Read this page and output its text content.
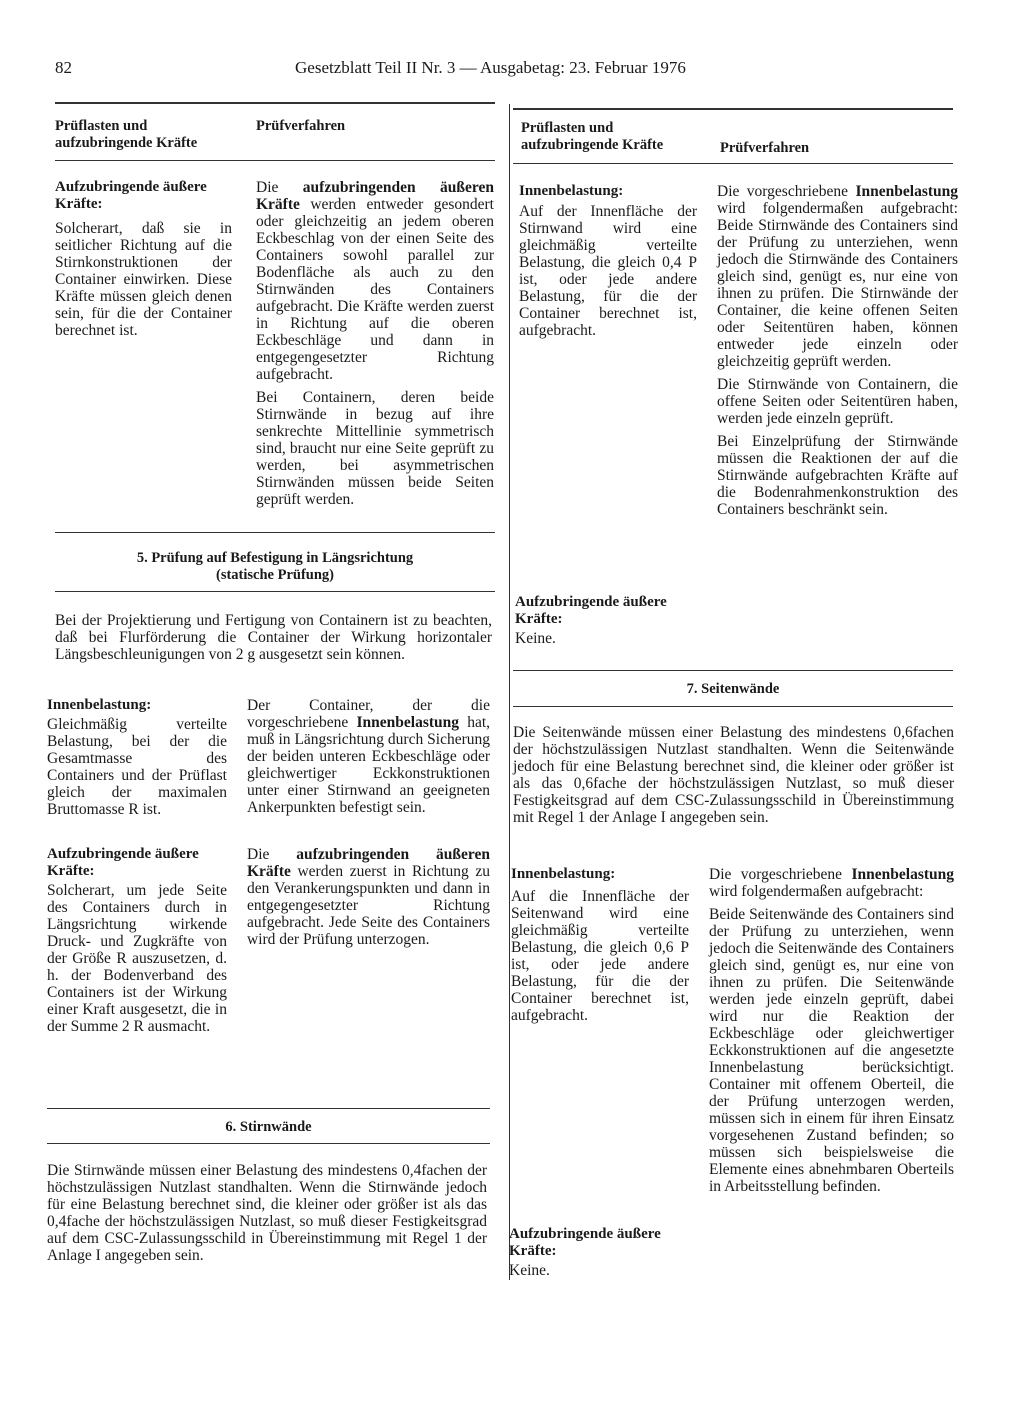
82	Gesetzblatt Teil II Nr. 3 — Ausgabetag: 23. Februar 1976
Prüflasten und aufzubringende Kräfte
Prüfverfahren
Aufzubringende äußere Kräfte:
Solcherart, daß sie in seitlicher Richtung auf die Stirnkonstruktionen der Container einwirken. Diese Kräfte müssen gleich denen sein, für die der Container berechnet ist.

Die aufzubringenden äußeren Kräfte werden entweder gesondert oder gleichzeitig an jedem oberen Eckbeschlag von der einen Seite des Containers sowohl parallel zur Bodenfläche als auch zu den Stirnwänden des Containers aufgebracht. Die Kräfte werden zuerst in Richtung auf die oberen Eckbeschläge und dann in entgegengesetzter Richtung aufgebracht.

Bei Containern, deren beide Stirnwände in bezug auf ihre senkrechte Mittellinie symmetrisch sind, braucht nur eine Seite geprüft zu werden, bei asymmetrischen Stirnwänden müssen beide Seiten geprüft werden.

5. Prüfung auf Befestigung in Längsrichtung
(statische Prüfung)
Bei der Projektierung und Fertigung von Containern ist zu beachten, daß bei Flurförderung die Container der Wirkung horizontaler Längsbeschleunigungen von 2 g ausgesetzt sein können.
Innenbelastung:
Gleichmäßig verteilte Belastung, bei der die Gesamtmasse des Containers und der Prüflast gleich der maximalen Bruttomasse R ist.
Der Container, der die vorgeschriebene Innenbelastung hat, muß in Längsrichtung durch Sicherung der beiden unteren Eckbeschläge oder gleichwertiger Eckkonstruktionen unter einer Stirnwand an geeigneten Ankerpunkten befestigt sein.
Aufzubringende äußere Kräfte:
Solcherart, um jede Seite des Containers durch in Längsrichtung wirkende Druck- und Zugkräfte von der Größe R auszusetzen, d. h. der Bodenverband des Containers ist der Wirkung einer Kraft ausgesetzt, die in der Summe 2 R ausmacht.
Die aufzubringenden äußeren Kräfte werden zuerst in Richtung zu den Verankerungspunkten und dann in entgegengesetzter Richtung aufgebracht. Jede Seite des Containers wird der Prüfung unterzogen.
6. Stirnwände
Die Stirnwände müssen einer Belastung des mindestens 0,4fachen der höchstzulässigen Nutzlast standhalten. Wenn die Stirnwände jedoch für eine Belastung berechnet sind, die kleiner oder größer ist als das 0,4fache der höchstzulässigen Nutzlast, so muß dieser Festigkeitsgrad auf dem CSC-Zulassungsschild in Übereinstimmung mit Regel 1 der Anlage I angegeben sein.
Prüflasten und aufzubringende Kräfte	Prüfverfahren
Innenbelastung:
Auf der Innenfläche der Stirnwand wird eine gleichmäßig verteilte Belastung, die gleich 0,4 P ist, oder jede andere Belastung, für die der Container berechnet ist, aufgebracht.

Die vorgeschriebene Innenbelastung wird folgendermaßen aufgebracht: Beide Stirnwände des Containers sind der Prüfung zu unterziehen, wenn jedoch die Stirnwände des Containers gleich sind, genügt es, nur eine von ihnen zu prüfen. Die Stirnwände der Container, die keine offenen Seiten oder Seitentüren haben, können entweder jede einzeln oder gleichzeitig geprüft werden.

Die Stirnwände von Containern, die offene Seiten oder Seitentüren haben, werden jede einzeln geprüft.

Bei Einzelprüfung der Stirnwände müssen die Reaktionen der auf die Stirnwände aufgebrachten Kräfte auf die Bodenrahmenkonstruktion des Containers beschränkt sein.

Aufzubringende äußere Kräfte:
Keine.
7. Seitenwände
Die Seitenwände müssen einer Belastung des mindestens 0,6fachen der höchstzulässigen Nutzlast standhalten. Wenn die Seitenwände jedoch für eine Belastung berechnet sind, die kleiner oder größer ist als das 0,6fache der höchstzulässigen Nutzlast, so muß dieser Festigkeitsgrad auf dem CSC-Zulassungsschild in Übereinstimmung mit Regel 1 der Anlage I angegeben sein.
Innenbelastung:
Auf die Innenfläche der Seitenwand wird eine gleichmäßig verteilte Belastung, die gleich 0,6 P ist, oder jede andere Belastung, für die der Container berechnet ist, aufgebracht.

Die vorgeschriebene Innenbelastung wird folgendermaßen aufgebracht:

Beide Seitenwände des Containers sind der Prüfung zu unterziehen, wenn jedoch die Seitenwände des Containers gleich sind, genügt es, nur eine von ihnen zu prüfen. Die Seitenwände werden jede einzeln geprüft, dabei wird nur die Reaktion der Eckbeschläge oder gleichwertiger Eckkonstruktionen auf die angesetzte Innenbelastung berücksichtigt. Container mit offenem Oberteil, die der Prüfung unterzogen werden, müssen sich in einem für ihren Einsatz vorgesehenen Zustand befinden; so müssen sich beispielsweise die Elemente eines abnehmbaren Oberteils in Arbeitsstellung befinden.

Aufzubringende äußere Kräfte:
Keine.
